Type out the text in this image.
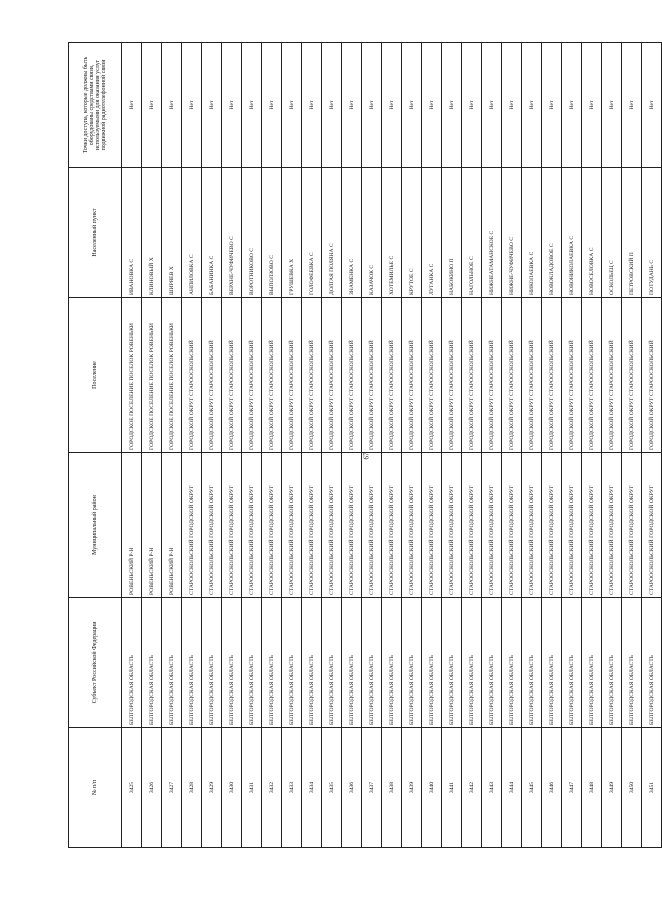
67
№ п/п	Субъект Российской Федерации	Муниципальный район	Поселение	Населенный пункт	Точки доступа, которые должны быть оборудованы средствами связи, используемыми для оказания услуг подвижной радиотелефонной связи
3425	БЕЛГОРОДСКАЯ ОБЛАСТЬ	РОВЕНЬСКИЙ Р-Н	ГОРОДСКОЕ ПОСЕЛЕНИЕ ПОСЕЛОК РОВЕНЬКИ	ИВАНОВКА С	Нет
3426	БЕЛГОРОДСКАЯ ОБЛАСТЬ	РОВЕНЬСКИЙ Р-Н	ГОРОДСКОЕ ПОСЕЛЕНИЕ ПОСЕЛОК РОВЕНЬКИ	КЛИНОВЫЙ Х	Нет
3427	БЕЛГОРОДСКАЯ ОБЛАСТЬ	РОВЕНЬСКИЙ Р-Н	ГОРОДСКОЕ ПОСЕЛЕНИЕ ПОСЕЛОК РОВЕНЬКИ	ШИРЯЕВ Х	Нет
3428	БЕЛГОРОДСКАЯ ОБЛАСТЬ	СТАРООСКОЛЬСКИЙ ГОРОДСКОЙ ОКРУГ	ГОРОДСКОЙ ОКРУГ СТАРООСКОЛЬСКИЙ	АНПИЛОВКА С	Нет
3429	БЕЛГОРОДСКАЯ ОБЛАСТЬ	СТАРООСКОЛЬСКИЙ ГОРОДСКОЙ ОКРУГ	ГОРОДСКОЙ ОКРУГ СТАРООСКОЛЬСКИЙ	БАБАНИНКА С	Нет
3430	БЕЛГОРОДСКАЯ ОБЛАСТЬ	СТАРООСКОЛЬСКИЙ ГОРОДСКОЙ ОКРУГ	ГОРОДСКОЙ ОКРУГ СТАРООСКОЛЬСКИЙ	ВЕРХНЕ-ЧУФИЧЕВО С	Нет
3431	БЕЛГОРОДСКАЯ ОБЛАСТЬ	СТАРООСКОЛЬСКИЙ ГОРОДСКОЙ ОКРУГ	ГОРОДСКОЙ ОКРУГ СТАРООСКОЛЬСКИЙ	ВОРОТНИКОВО С	Нет
3432	БЕЛГОРОДСКАЯ ОБЛАСТЬ	СТАРООСКОЛЬСКИЙ ГОРОДСКОЙ ОКРУГ	ГОРОДСКОЙ ОКРУГ СТАРООСКОЛЬСКИЙ	ВЫПОЛЗОВО С	Нет
3433	БЕЛГОРОДСКАЯ ОБЛАСТЬ	СТАРООСКОЛЬСКИЙ ГОРОДСКОЙ ОКРУГ	ГОРОДСКОЙ ОКРУГ СТАРООСКОЛЬСКИЙ	ГРУШЕВКА Х	Нет
3434	БЕЛГОРОДСКАЯ ОБЛАСТЬ	СТАРООСКОЛЬСКИЙ ГОРОДСКОЙ ОКРУГ	ГОРОДСКОЙ ОКРУГ СТАРООСКОЛЬСКИЙ	ГОЛОФЕЕВКА С	Нет
3435	БЕЛГОРОДСКАЯ ОБЛАСТЬ	СТАРООСКОЛЬСКИЙ ГОРОДСКОЙ ОКРУГ	ГОРОДСКОЙ ОКРУГ СТАРООСКОЛЬСКИЙ	ДОЛГАЯ ПОЛЯНА С	Нет
3436	БЕЛГОРОДСКАЯ ОБЛАСТЬ	СТАРООСКОЛЬСКИЙ ГОРОДСКОЙ ОКРУГ	ГОРОДСКОЙ ОКРУГ СТАРООСКОЛЬСКИЙ	ЗНАМЕНКА С	Нет
3437	БЕЛГОРОДСКАЯ ОБЛАСТЬ	СТАРООСКОЛЬСКИЙ ГОРОДСКОЙ ОКРУГ	ГОРОДСКОЙ ОКРУГ СТАРООСКОЛЬСКИЙ	КАЗАЧОК С	Нет
3438	БЕЛГОРОДСКАЯ ОБЛАСТЬ	СТАРООСКОЛЬСКИЙ ГОРОДСКОЙ ОКРУГ	ГОРОДСКОЙ ОКРУГ СТАРООСКОЛЬСКИЙ	ХОТЕМИЛЬЕ С	Нет
3439	БЕЛГОРОДСКАЯ ОБЛАСТЬ	СТАРООСКОЛЬСКИЙ ГОРОДСКОЙ ОКРУГ	ГОРОДСКОЙ ОКРУГ СТАРООСКОЛЬСКИЙ	КРУТОЕ С	Нет
3440	БЕЛГОРОДСКАЯ ОБЛАСТЬ	СТАРООСКОЛЬСКИЙ ГОРОДСКОЙ ОКРУГ	ГОРОДСКОЙ ОКРУГ СТАРООСКОЛЬСКИЙ	ЛУГАНКА С	Нет
3441	БЕЛГОРОДСКАЯ ОБЛАСТЬ	СТАРООСКОЛЬСКИЙ ГОРОДСКОЙ ОКРУГ	ГОРОДСКОЙ ОКРУГ СТАРООСКОЛЬСКИЙ	НАБОКИНО П	Нет
3442	БЕЛГОРОДСКАЯ ОБЛАСТЬ	СТАРООСКОЛЬСКИЙ ГОРОДСКОЙ ОКРУГ	ГОРОДСКОЙ ОКРУГ СТАРООСКОЛЬСКИЙ	НАГОЛЬНОЕ С	Нет
3443	БЕЛГОРОДСКАЯ ОБЛАСТЬ	СТАРООСКОЛЬСКИЙ ГОРОДСКОЙ ОКРУГ	ГОРОДСКОЙ ОКРУГ СТАРООСКОЛЬСКИЙ	НИЖНЕАТАМАНСКОЕ С	Нет
3444	БЕЛГОРОДСКАЯ ОБЛАСТЬ	СТАРООСКОЛЬСКИЙ ГОРОДСКОЙ ОКРУГ	ГОРОДСКОЙ ОКРУГ СТАРООСКОЛЬСКИЙ	НИЖНЕ-ЧУФИЧЕВО С	Нет
3445	БЕЛГОРОДСКАЯ ОБЛАСТЬ	СТАРООСКОЛЬСКИЙ ГОРОДСКОЙ ОКРУГ	ГОРОДСКОЙ ОКРУГ СТАРООСКОЛЬСКИЙ	НИКОЛАЕВКА С	Нет
3446	БЕЛГОРОДСКАЯ ОБЛАСТЬ	СТАРООСКОЛЬСКИЙ ГОРОДСКОЙ ОКРУГ	ГОРОДСКОЙ ОКРУГ СТАРООСКОЛЬСКИЙ	НОВОКЛАДОВОЕ С	Нет
3447	БЕЛГОРОДСКАЯ ОБЛАСТЬ	СТАРООСКОЛЬСКИЙ ГОРОДСКОЙ ОКРУГ	ГОРОДСКОЙ ОКРУГ СТАРООСКОЛЬСКИЙ	НОВОНИКОЛАЕВКА С	Нет
3448	БЕЛГОРОДСКАЯ ОБЛАСТЬ	СТАРООСКОЛЬСКИЙ ГОРОДСКОЙ ОКРУГ	ГОРОДСКОЙ ОКРУГ СТАРООСКОЛЬСКИЙ	НОВОСЕЛОВКА С	Нет
3449	БЕЛГОРОДСКАЯ ОБЛАСТЬ	СТАРООСКОЛЬСКИЙ ГОРОДСКОЙ ОКРУГ	ГОРОДСКОЙ ОКРУГ СТАРООСКОЛЬСКИЙ	ОСКОЛЬЕЦ С	Нет
3450	БЕЛГОРОДСКАЯ ОБЛАСТЬ	СТАРООСКОЛЬСКИЙ ГОРОДСКОЙ ОКРУГ	ГОРОДСКОЙ ОКРУГ СТАРООСКОЛЬСКИЙ	ПЕТРОВСКИЙ П	Нет
3451	БЕЛГОРОДСКАЯ ОБЛАСТЬ	СТАРООСКОЛЬСКИЙ ГОРОДСКОЙ ОКРУГ	ГОРОДСКОЙ ОКРУГ СТАРООСКОЛЬСКИЙ	ПОТУДАНЬ С	Нет
